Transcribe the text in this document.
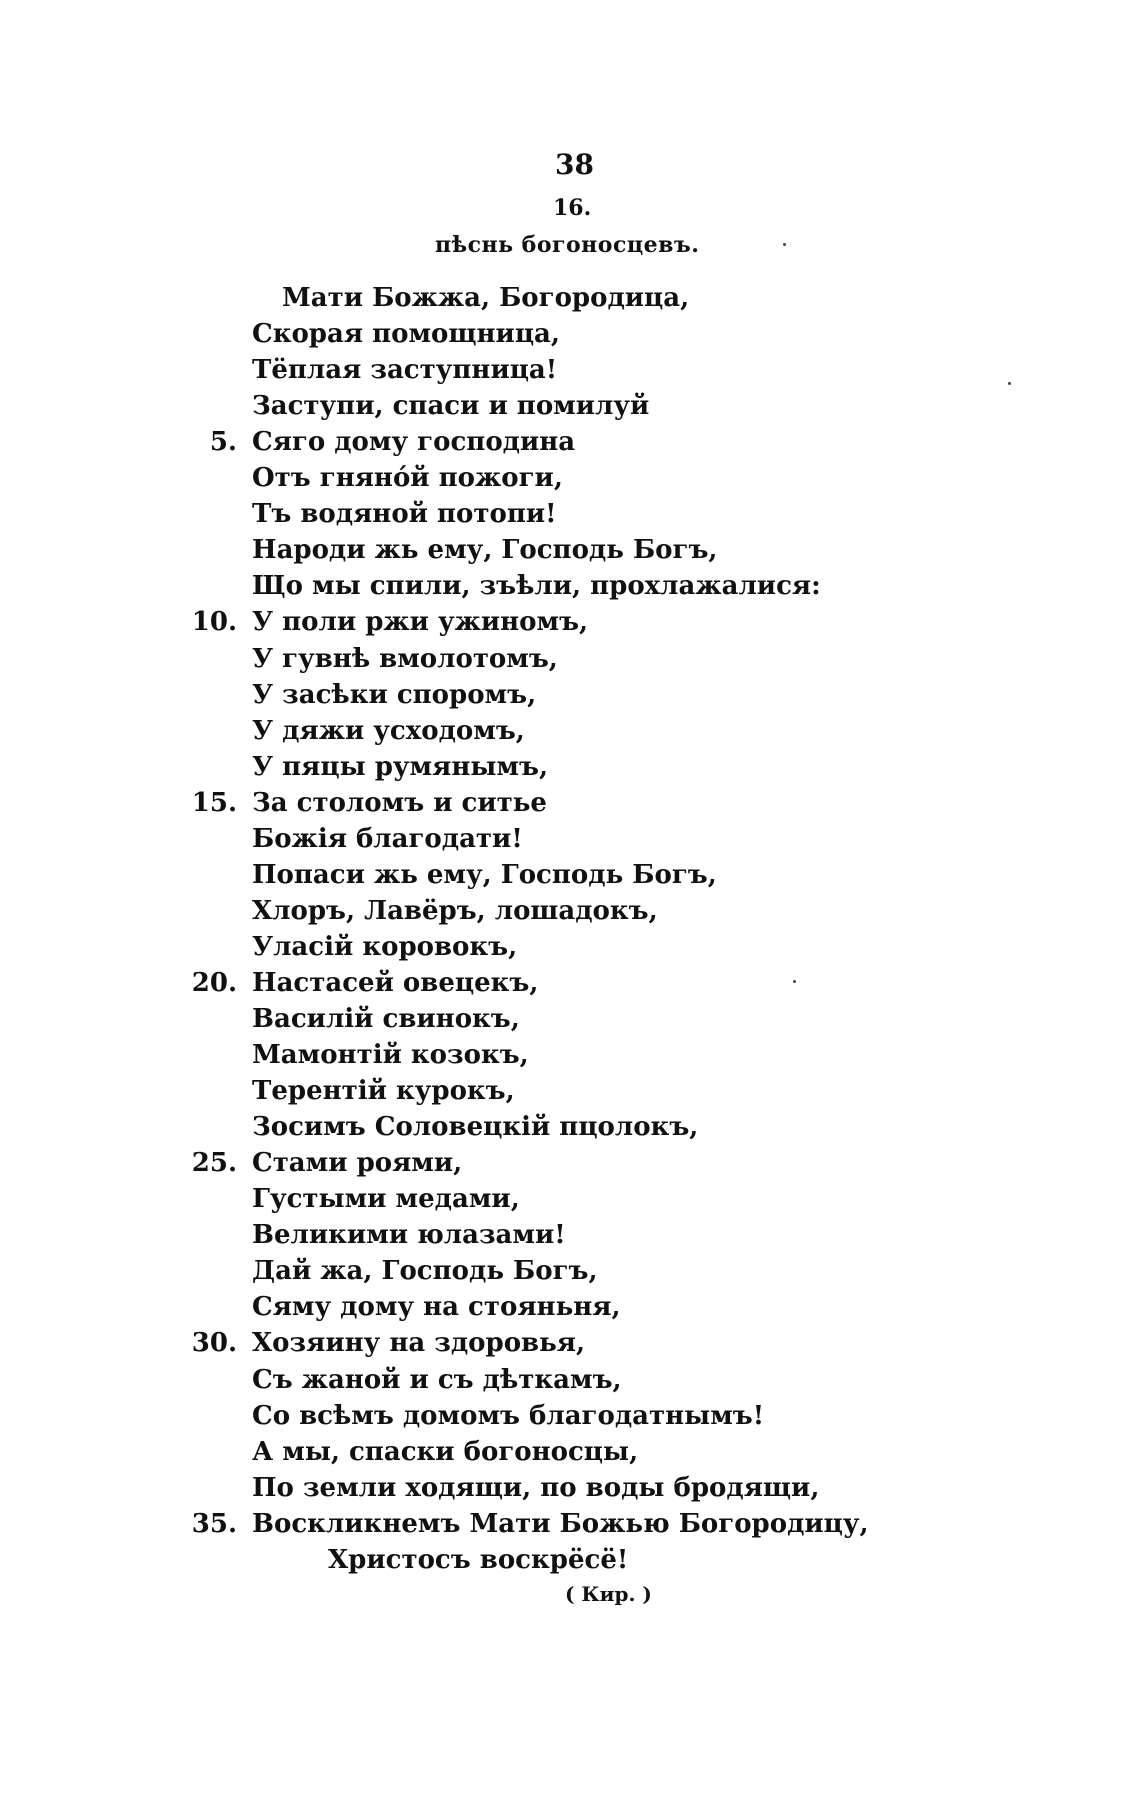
38
16.
пѣснь богоносцевъ.
Мати Божжа, Богородица,
Скорая помощница,
Тёплая заступница!
Заступи, спаси и помилуй
Сяго дому господина
5.
Отъ гнянóй пожоги,
Тъ водяной потопи!
Народи жь ему, Господь Богъ,
Що мы спили, зъѣли, прохлажалися:
У поли ржи ужиномъ,
10.
У гувнѣ вмолотомъ,
У засѣки споромъ,
У дяжи усходомъ,
У пяцы румянымъ,
За столомъ и ситье
15.
Божія благодати!
Попаси жь ему, Господь Богъ,
Хлоръ, Лавёръ, лошадокъ,
Уласій коровокъ,
Настасей овецекъ,
20.
Василій свинокъ,
Мамонтій козокъ,
Терентій курокъ,
Зосимъ Соловецкій пцолокъ,
Стами роями,
25.
Густыми медами,
Великими юлазами!
Дай жа, Господь Богъ,
Сяму дому на стояньня,
Хозяину на здоровья,
30.
Съ жаной и съ дѣткамъ,
Со всѣмъ домомъ благодатнымъ!
А мы, спаски богоносцы,
По земли ходящи, по воды бродящи,
Воскликнемъ Мати Божью Богородицу,
35.
Христосъ воскрёсё!
( Кир. )
